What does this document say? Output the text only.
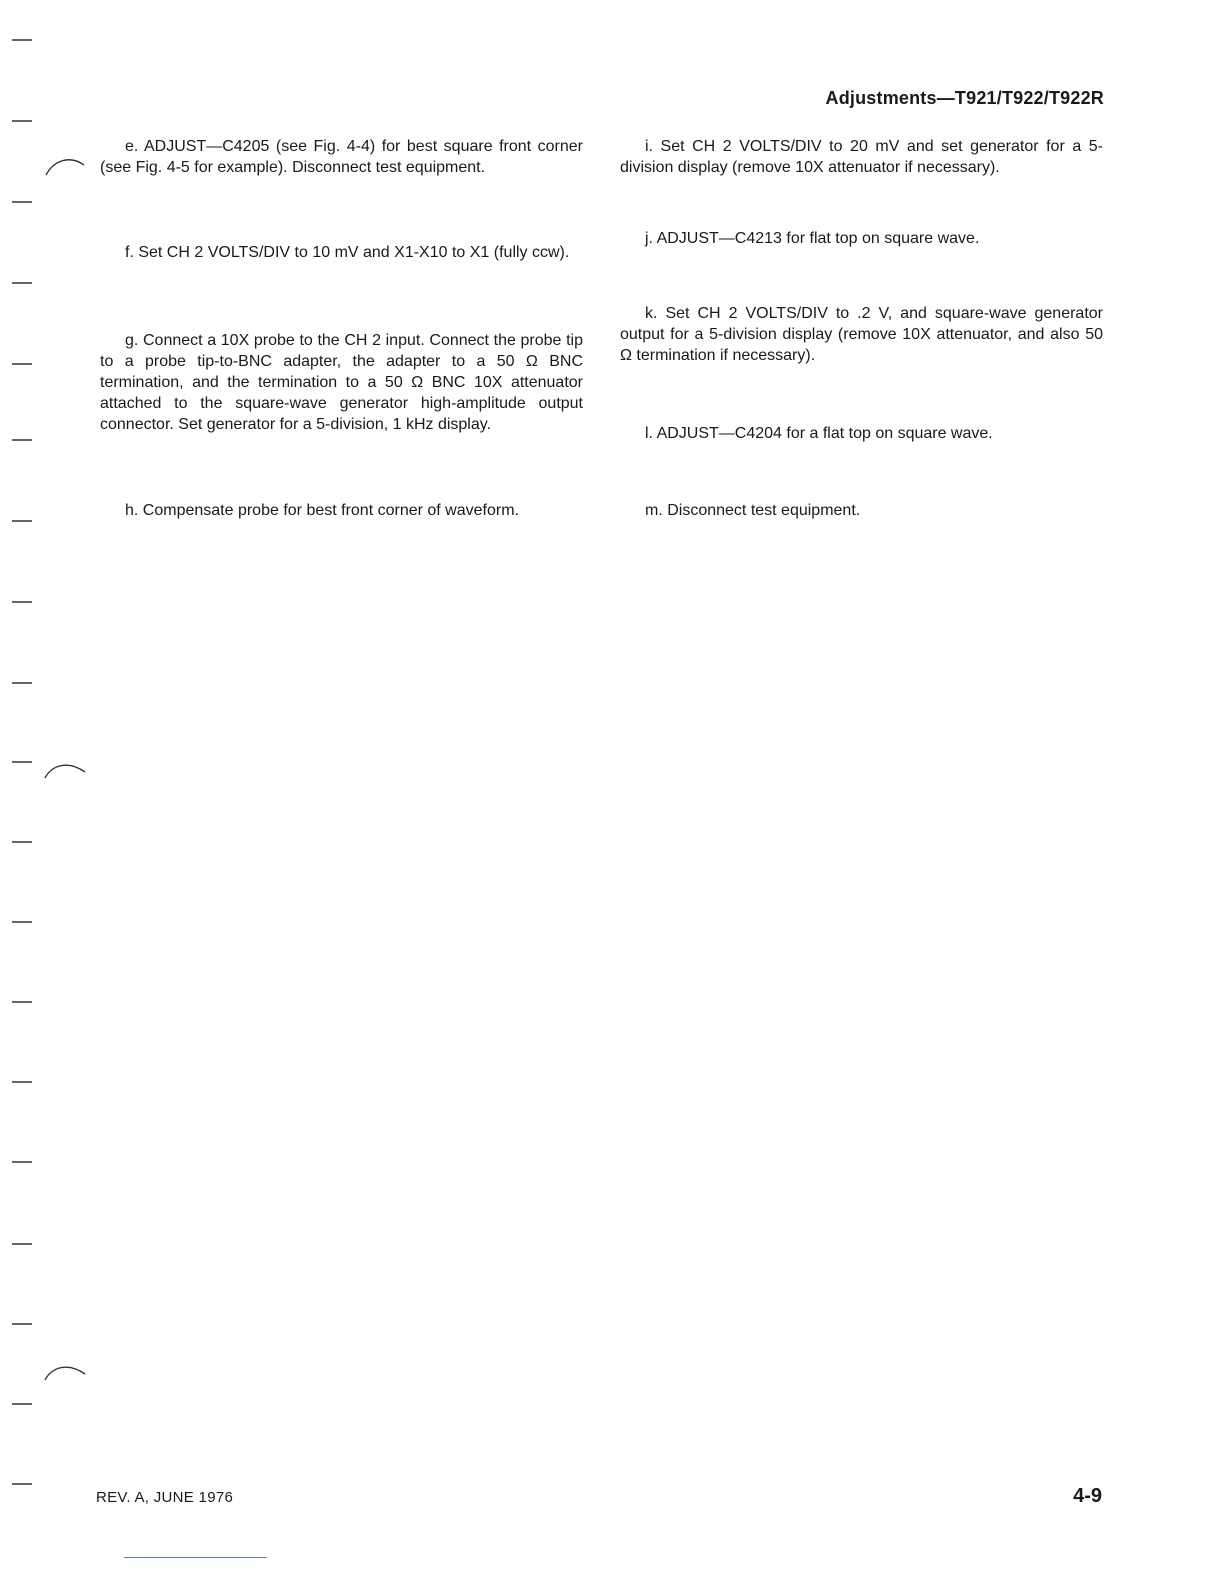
Adjustments—T921/T922/T922R

e. ADJUST—C4205 (see Fig. 4-4) for best square front corner (see Fig. 4-5 for example). Disconnect test equipment.

f. Set CH 2 VOLTS/DIV to 10 mV and X1-X10 to X1 (fully ccw).

g. Connect a 10X probe to the CH 2 input. Connect the probe tip to a probe tip-to-BNC adapter, the adapter to a 50 Ω BNC termination, and the termination to a 50 Ω BNC 10X attenuator attached to the square-wave generator high-amplitude output connector. Set generator for a 5-division, 1 kHz display.

h. Compensate probe for best front corner of waveform.

i. Set CH 2 VOLTS/DIV to 20 mV and set generator for a 5-division display (remove 10X attenuator if necessary).

j. ADJUST—C4213 for flat top on square wave.

k. Set CH 2 VOLTS/DIV to .2 V, and square-wave generator output for a 5-division display (remove 10X attenuator, and also 50 Ω termination if necessary).

l. ADJUST—C4204 for a flat top on square wave.

m. Disconnect test equipment.

REV. A, JUNE 1976	4-9
